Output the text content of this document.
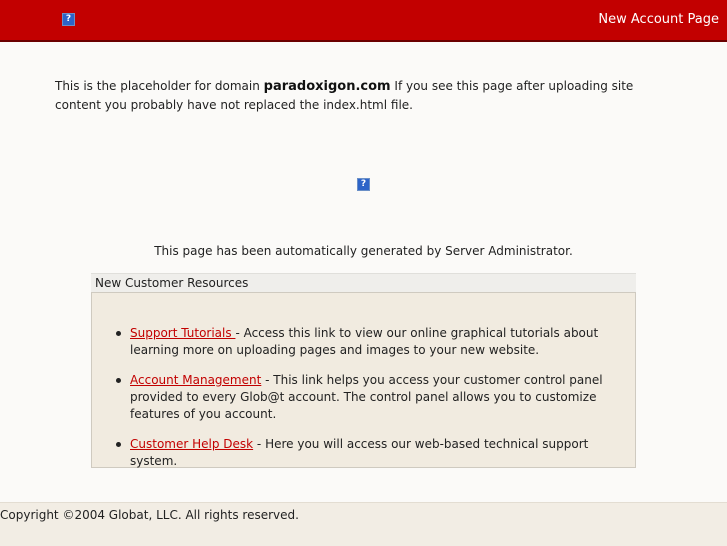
?	New Account Page
This is the placeholder for domain paradoxigon.com If you see this page after uploading site content you probably have not replaced the index.html file.
?
This page has been automatically generated by Server Administrator.
New Customer Resources
Support Tutorials - Access this link to view our online graphical tutorials about learning more on uploading pages and images to your new website.
Account Management - This link helps you access your customer control panel provided to every Glob@t account. The control panel allows you to customize features of you account.
Customer Help Desk - Here you will access our web-based technical support system.
Copyright ©2004 Globat, LLC. All rights reserved.
